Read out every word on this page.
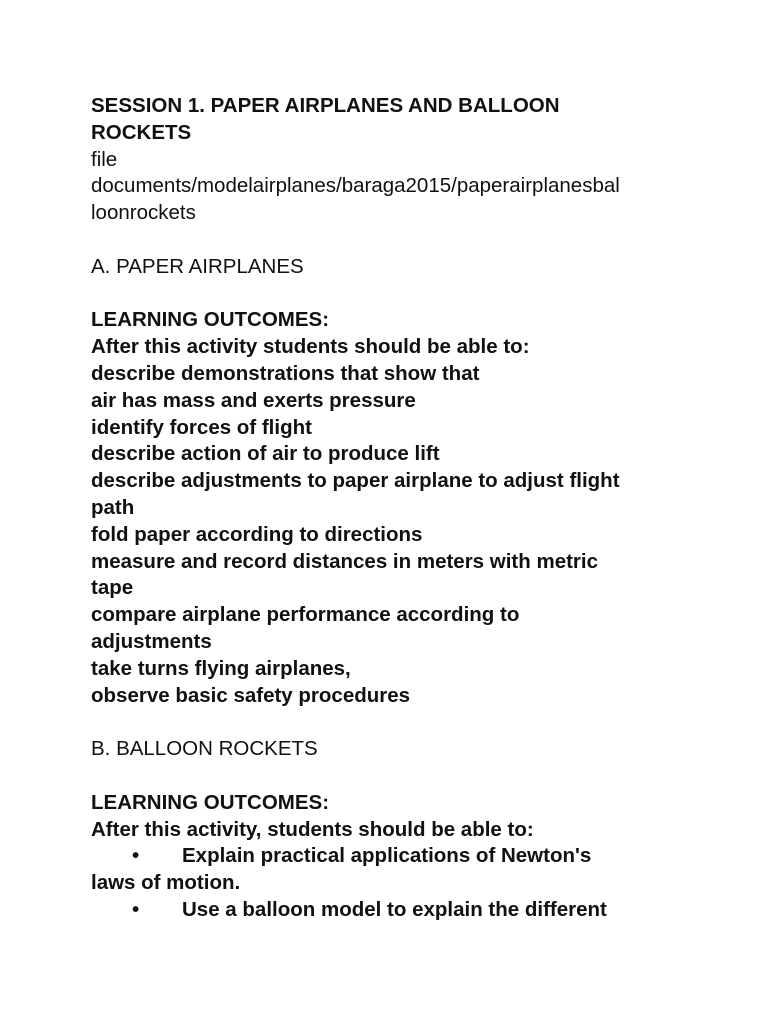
SESSION 1. PAPER AIRPLANES AND BALLOON
ROCKETS
file
documents/modelairplanes/baraga2015/paperairplanesbal
loonrockets
A. PAPER AIRPLANES
LEARNING OUTCOMES:
After this activity students should be able to:
describe demonstrations that show that
air has mass and exerts pressure
identify forces of flight
describe action of air to produce lift
describe adjustments to paper airplane to adjust flight
path
fold paper according to directions
measure and record distances in meters with metric
tape
compare airplane performance according to
adjustments
take turns flying airplanes,
observe basic safety procedures
B. BALLOON ROCKETS
LEARNING OUTCOMES:
After this activity, students should be able to:
• Explain practical applications of Newton's
laws of motion.
• Use a balloon model to explain the different
